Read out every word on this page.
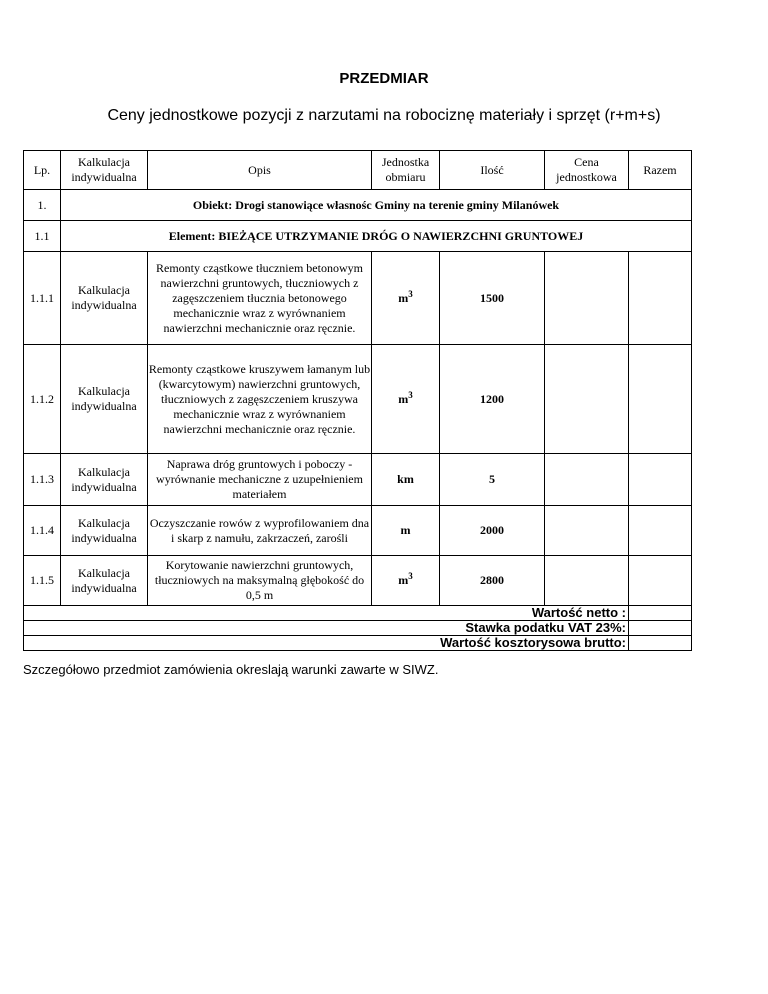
PRZEDMIAR
Ceny jednostkowe pozycji z narzutami na robociznę materiały i sprzęt (r+m+s)
Lp.	Kalkulacja indywidualna	Opis	Jednostka obmiaru	Ilość	Cena jednostkowa	Razem
1.	Obiekt: Drogi stanowiące własnośc Gminy na terenie gminy Milanówek					
1.1	Element: BIEŻĄCE UTRZYMANIE DRÓG O NAWIERZCHNI GRUNTOWEJ					
1.1.1	Kalkulacja indywidualna	Remonty cząstkowe tłuczniem betonowym nawierzchni gruntowych, tłuczniowych z zagęszczeniem tłucznia betonowego mechanicznie wraz z wyrównaniem nawierzchni mechanicznie oraz ręcznie.	$m^3$	1500		
1.1.2	Kalkulacja indywidualna	Remonty cząstkowe kruszywem łamanym lub (kwarcytowym) nawierzchni gruntowych, tłuczniowych z zagęszczeniem kruszywa mechanicznie wraz z wyrównaniem nawierzchni mechanicznie oraz ręcznie.	$m^3$	1200		
1.1.3	Kalkulacja indywidualna	Naprawa dróg gruntowych i poboczy - wyrównanie mechaniczne z uzupełnieniem materiałem	km	5		
1.1.4	Kalkulacja indywidualna	Oczyszczanie rowów z wyprofilowaniem dna i skarp z namułu, zakrzaczeń, zarośli	m	2000		
1.1.5	Kalkulacja indywidualna	Korytowanie nawierzchni gruntowych, tłuczniowych na maksymalną głębokość do 0,5 m	$m^3$	2800		
Wartość netto :						
Stawka podatku VAT 23%:						
Wartość kosztorysowa brutto:						
Szczegółowo przedmiot zamówienia okreslają warunki zawarte w SIWZ.
